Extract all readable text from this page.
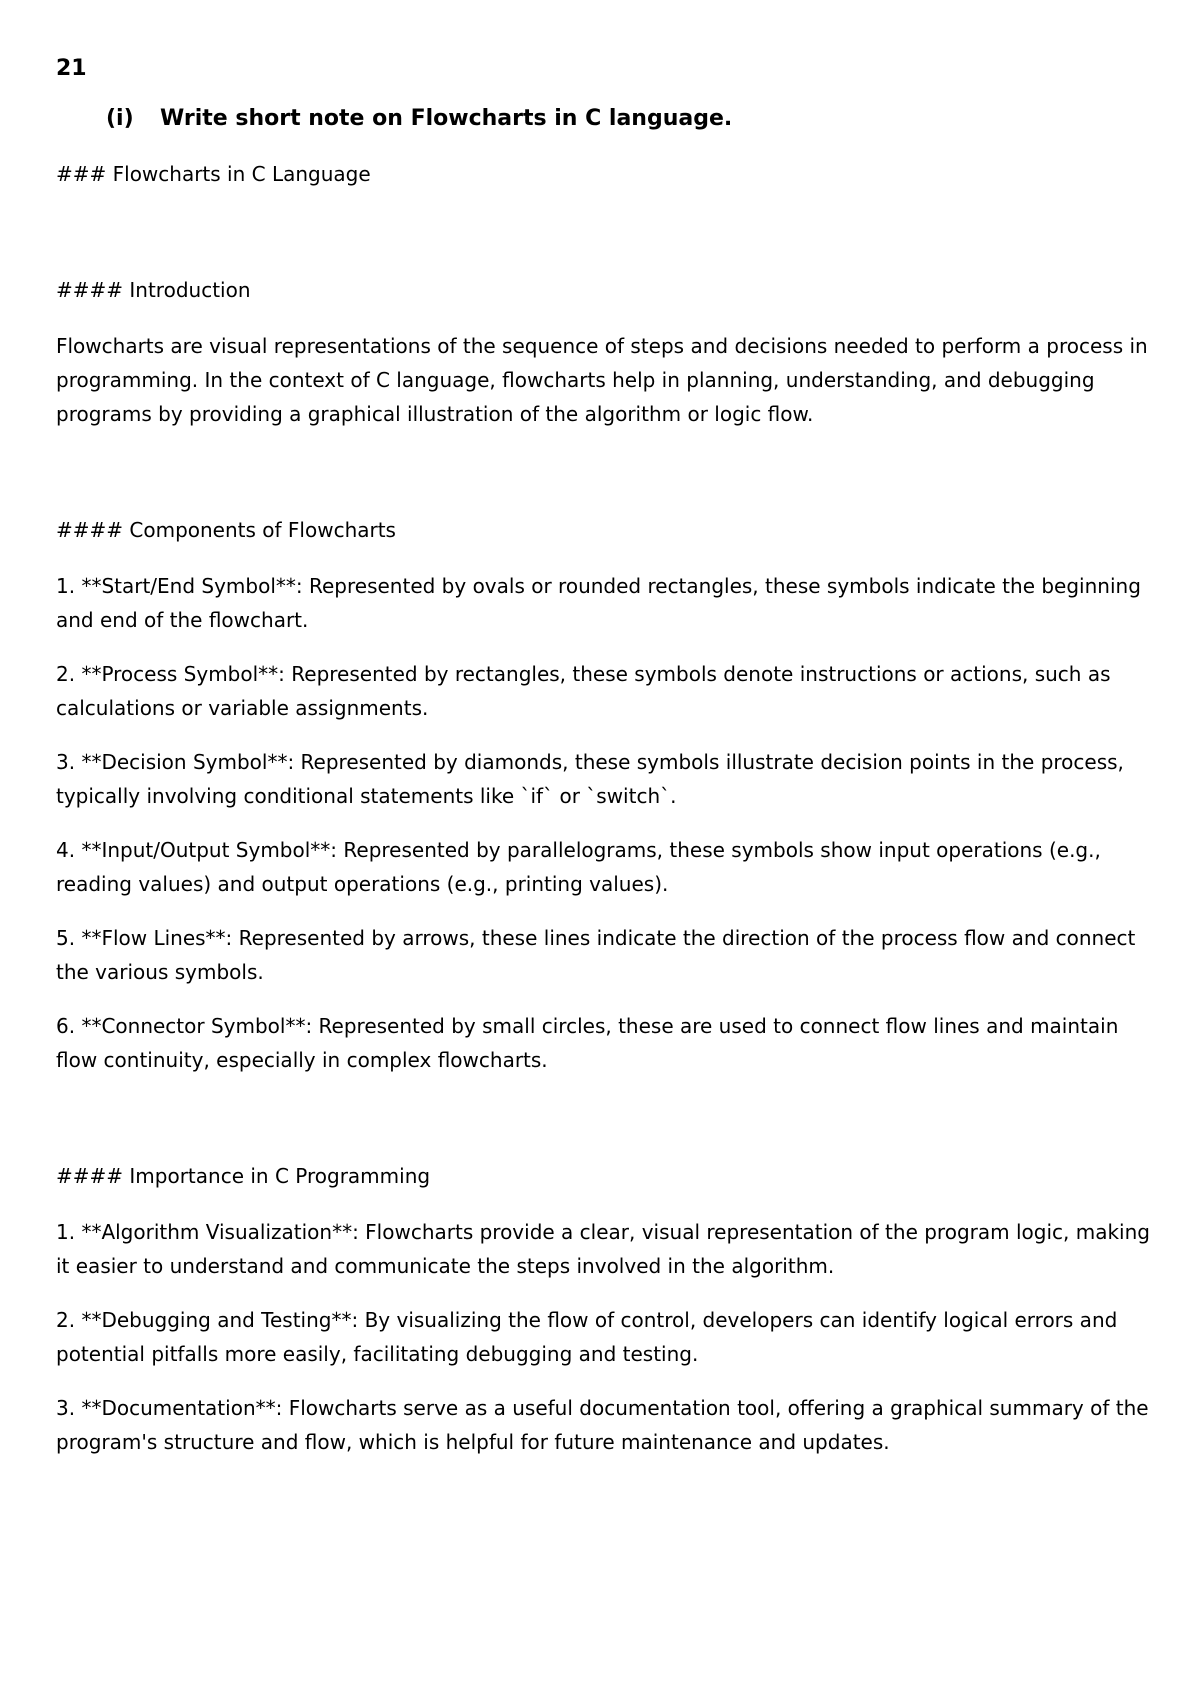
21

(i)	Write short note on Flowcharts in C language.

### Flowcharts in C Language

#### Introduction

Flowcharts are visual representations of the sequence of steps and decisions needed to perform a process in programming. In the context of C language, flowcharts help in planning, understanding, and debugging programs by providing a graphical illustration of the algorithm or logic flow.

#### Components of Flowcharts

1. **Start/End Symbol**: Represented by ovals or rounded rectangles, these symbols indicate the beginning and end of the flowchart.

2. **Process Symbol**: Represented by rectangles, these symbols denote instructions or actions, such as calculations or variable assignments.

3. **Decision Symbol**: Represented by diamonds, these symbols illustrate decision points in the process, typically involving conditional statements like `if` or `switch`.

4. **Input/Output Symbol**: Represented by parallelograms, these symbols show input operations (e.g., reading values) and output operations (e.g., printing values).

5. **Flow Lines**: Represented by arrows, these lines indicate the direction of the process flow and connect the various symbols.

6. **Connector Symbol**: Represented by small circles, these are used to connect flow lines and maintain flow continuity, especially in complex flowcharts.

#### Importance in C Programming

1. **Algorithm Visualization**: Flowcharts provide a clear, visual representation of the program logic, making it easier to understand and communicate the steps involved in the algorithm.

2. **Debugging and Testing**: By visualizing the flow of control, developers can identify logical errors and potential pitfalls more easily, facilitating debugging and testing.

3. **Documentation**: Flowcharts serve as a useful documentation tool, offering a graphical summary of the program's structure and flow, which is helpful for future maintenance and updates.
